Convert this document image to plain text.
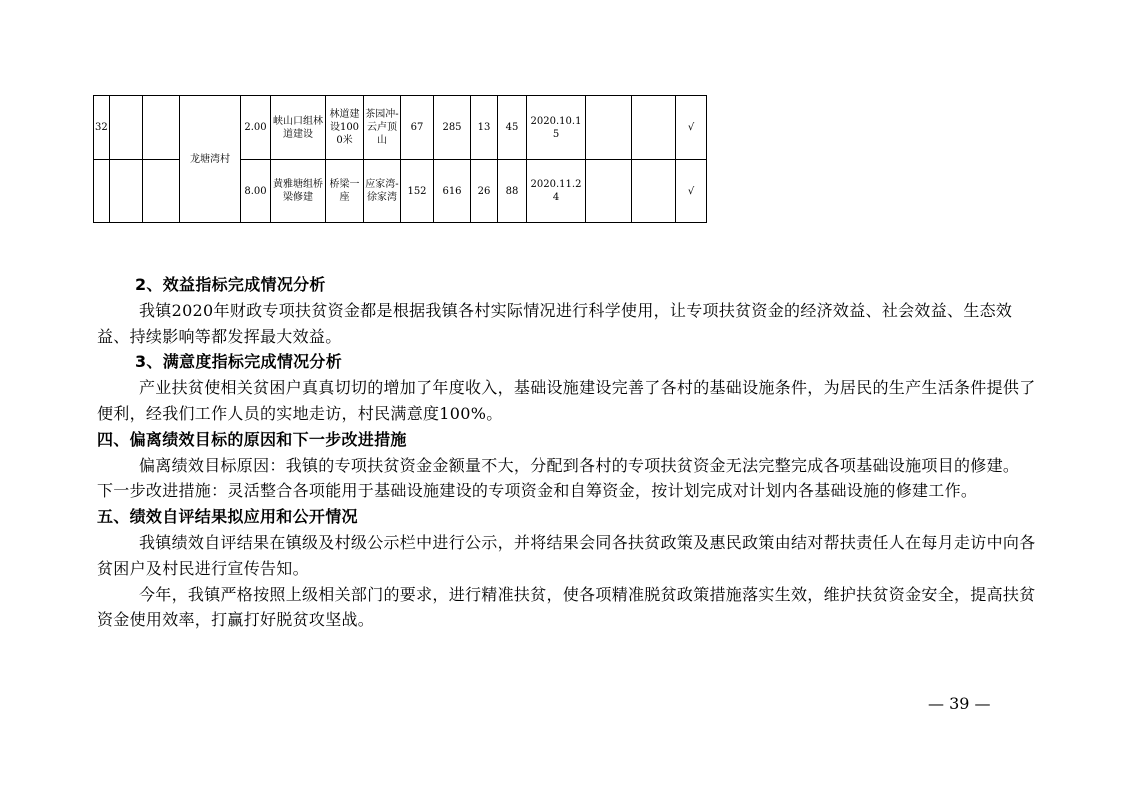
32			龙塘湾村	2.00	峡山口组林道建设	林道建设1000米	茶园冲-云卢顶山	67	285	13	45	2020.10.15			√
				8.00	黄雅塘组桥梁修建	桥梁一座	应家湾-徐家湾	152	616	26	88	2020.11.24			√

2、效益指标完成情况分析

我镇2020年财政专项扶贫资金都是根据我镇各村实际情况进行科学使用，让专项扶贫资金的经济效益、社会效益、生态效益、持续影响等都发挥最大效益。

3、满意度指标完成情况分析

产业扶贫使相关贫困户真真切切的增加了年度收入，基础设施建设完善了各村的基础设施条件，为居民的生产生活条件提供了便利，经我们工作人员的实地走访，村民满意度100%。

四、偏离绩效目标的原因和下一步改进措施

偏离绩效目标原因：我镇的专项扶贫资金金额量不大，分配到各村的专项扶贫资金无法完整完成各项基础设施项目的修建。

下一步改进措施：灵活整合各项能用于基础设施建设的专项资金和自筹资金，按计划完成对计划内各基础设施的修建工作。

五、绩效自评结果拟应用和公开情况

我镇绩效自评结果在镇级及村级公示栏中进行公示，并将结果会同各扶贫政策及惠民政策由结对帮扶责任人在每月走访中向各贫困户及村民进行宣传告知。

今年，我镇严格按照上级相关部门的要求，进行精准扶贫，使各项精准脱贫政策措施落实生效，维护扶贫资金安全，提高扶贫资金使用效率，打赢打好脱贫攻坚战。

— 39 —
